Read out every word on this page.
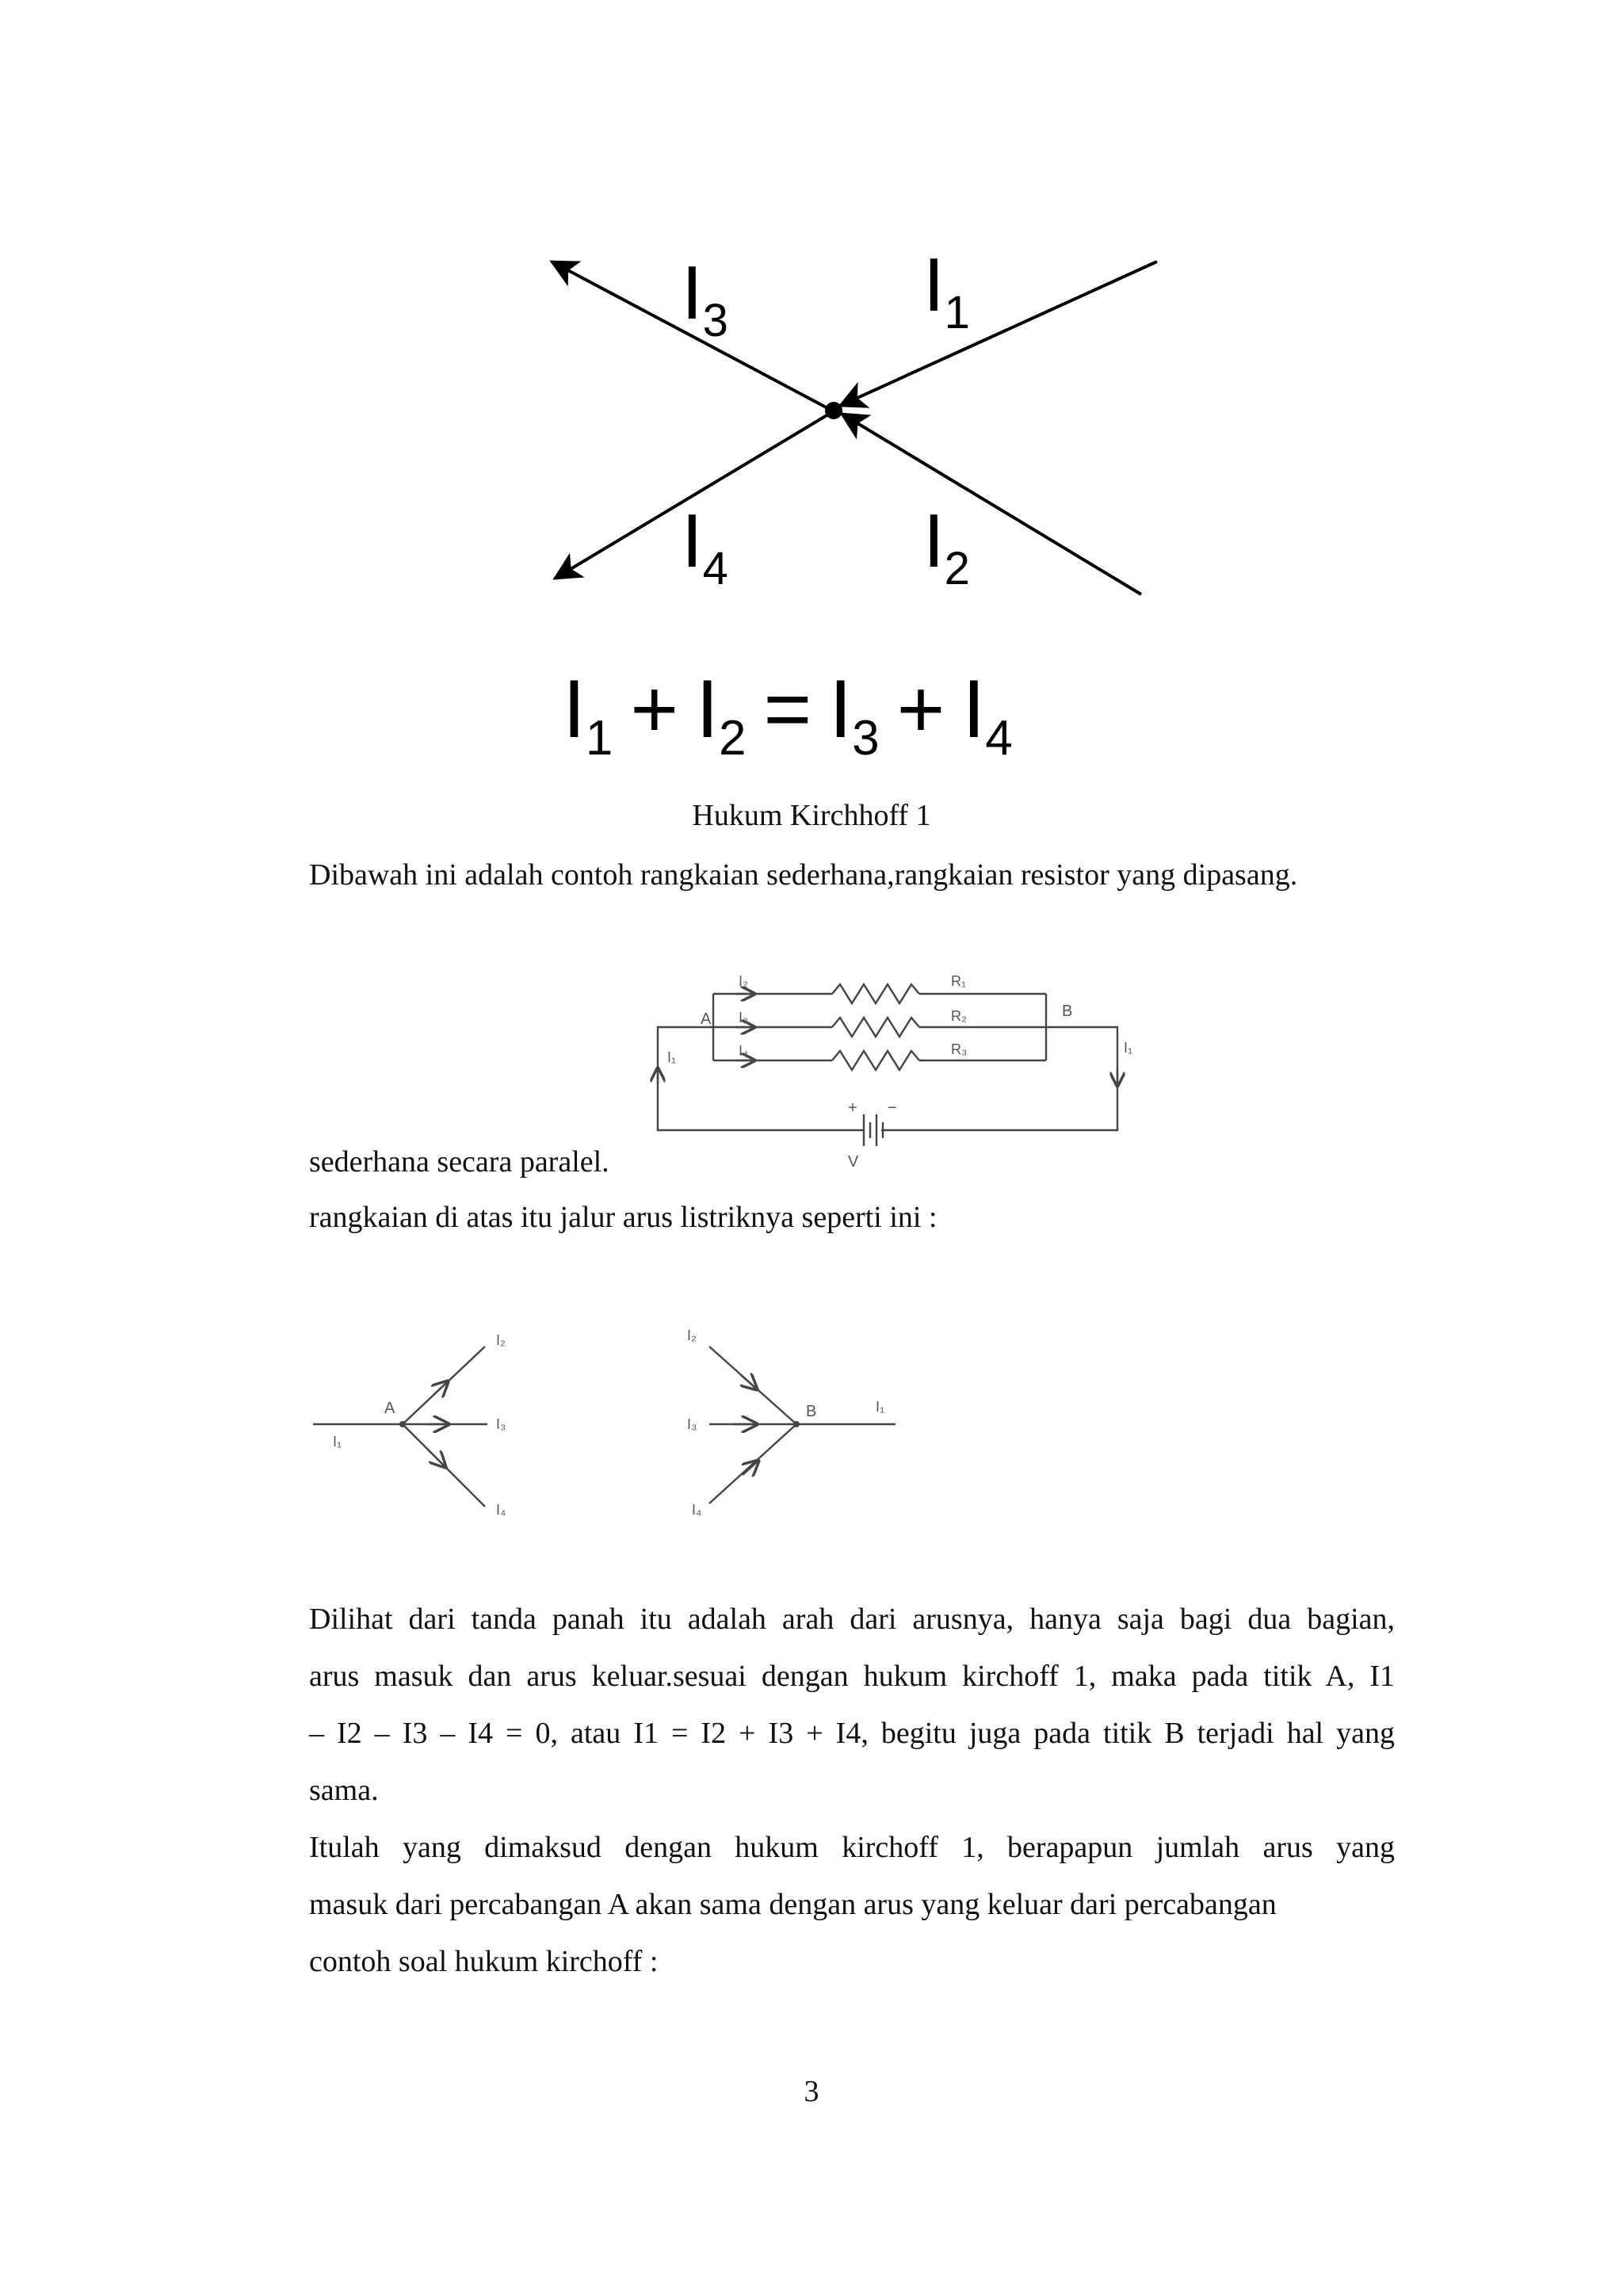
$I_3$	$I_1$
$I_4$	$I_2$
$I_1 + I_2 = I_3 + I_4$
Hukum Kirchhoff 1
Dibawah ini adalah contoh rangkaian sederhana,rangkaian resistor yang dipasang.
A	B
I₂
I₃
I₄
I₁
I₁
R₁
R₂
R₃
+ −
V
sederhana secara paralel.
rangkaian di atas itu jalur arus listriknya seperti ini :
A
I₁
I₂
I₃
I₄
B	I₁
I₂
I₃
I₄
Dilihat dari tanda panah itu adalah arah dari arusnya, hanya saja bagi dua bagian,
arus masuk dan arus keluar.sesuai dengan hukum kirchoff 1, maka pada titik A, I1
– I2 – I3 – I4 = 0, atau I1 = I2 + I3 + I4, begitu juga pada titik B terjadi hal yang
sama.
Itulah yang dimaksud dengan hukum kirchoff 1, berapapun jumlah arus yang
masuk dari percabangan A akan sama dengan arus yang keluar dari percabangan
contoh soal hukum kirchoff :
3
